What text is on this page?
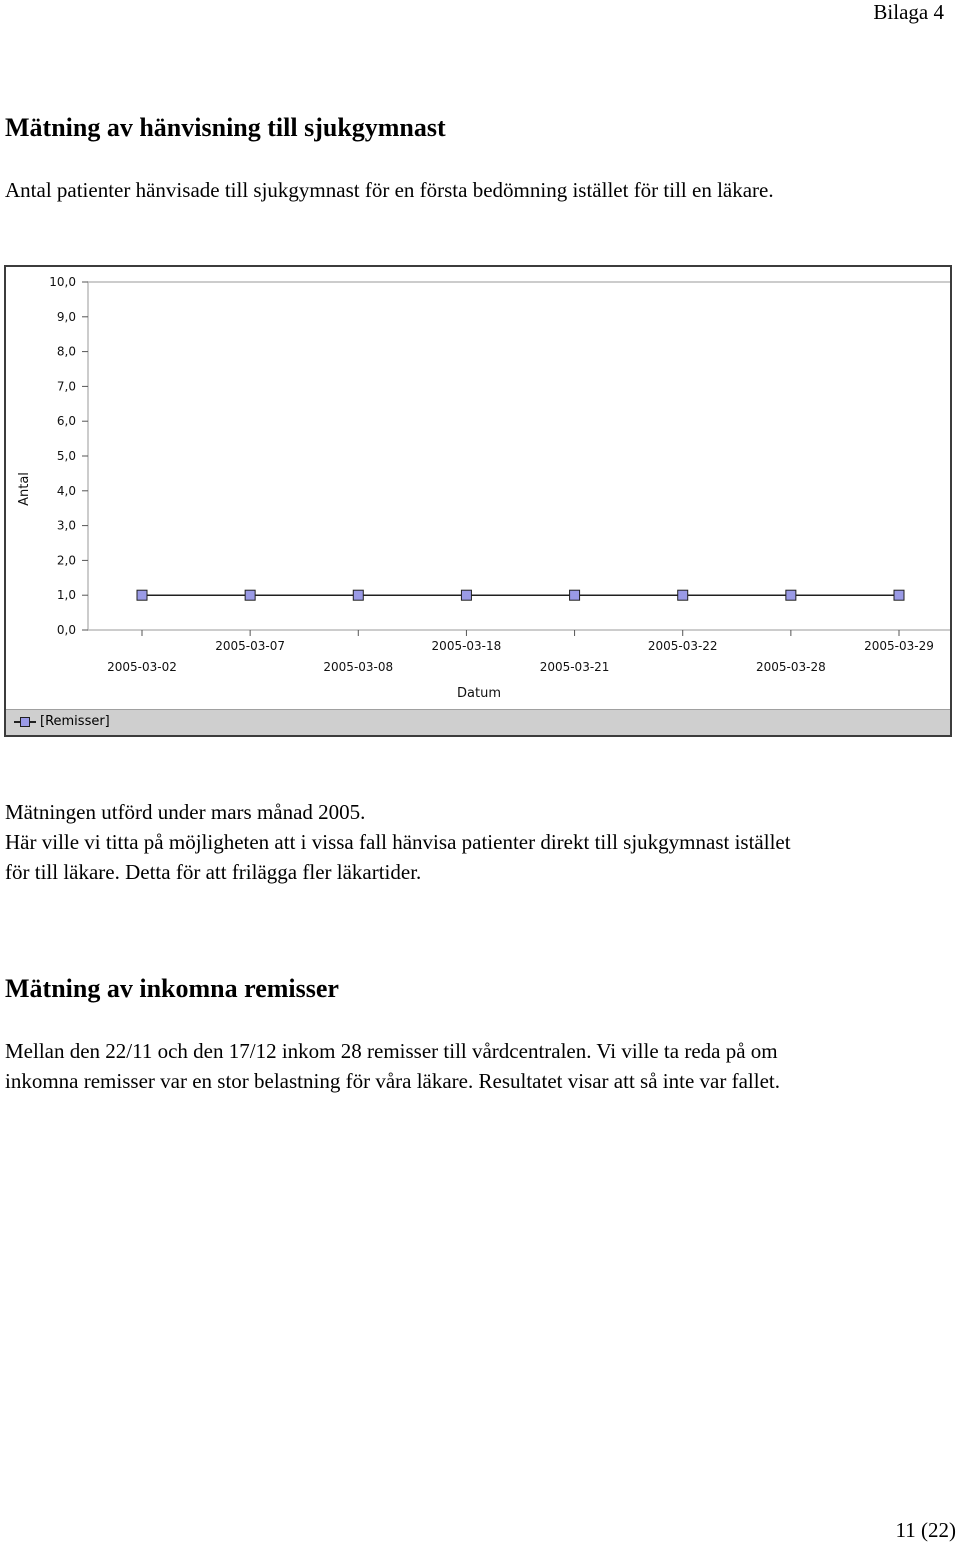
Bilaga 4
Mätning av hänvisning till sjukgymnast

Antal patienter hänvisade till sjukgymnast för en första bedömning istället för till en läkare.

0,0
1,0
2,0
3,0
4,0
5,0
6,0
7,0
8,0
9,0
10,0
2005-03-02
2005-03-07
2005-03-08
2005-03-18
2005-03-21
2005-03-22
2005-03-28
2005-03-29
Datum
Antal
[Remisser]

Mätningen utförd under mars månad 2005.

Här ville vi titta på möjligheten att i vissa fall hänvisa patienter direkt till sjukgymnast istället

för till läkare. Detta för att frilägga fler läkartider.

Mätning av inkomna remisser

Mellan den 22/11 och den 17/12 inkom 28 remisser till vårdcentralen. Vi ville ta reda på om

inkomna remisser var en stor belastning för våra läkare. Resultatet visar att så inte var fallet.

11 (22)
